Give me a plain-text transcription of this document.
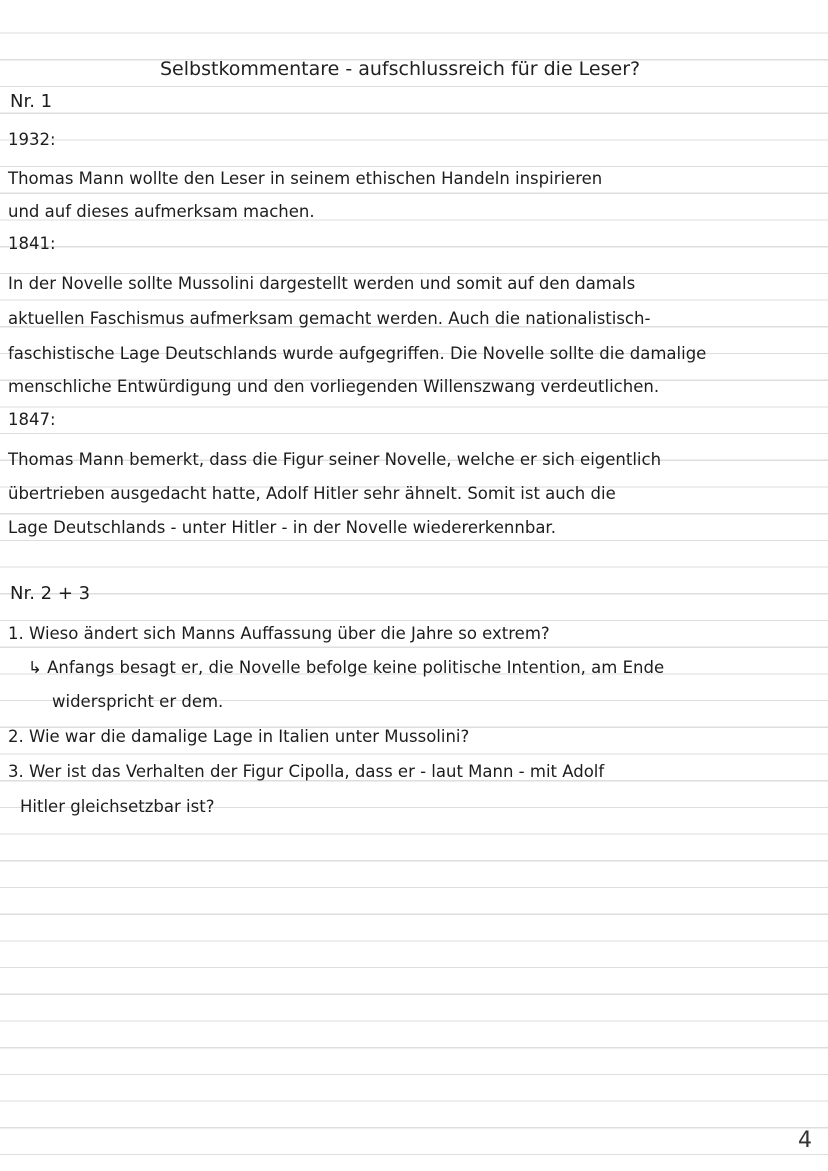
Selbstkommentare - aufschlussreich für die Leser?
Nr. 1
1932:
Thomas Mann wollte den Leser in seinem ethischen Handeln inspirieren
und auf dieses aufmerksam machen.
1841:
In der Novelle sollte Mussolini dargestellt werden und somit auf den damals
aktuellen Faschismus aufmerksam gemacht werden. Auch die nationalistisch-
faschistische Lage Deutschlands wurde aufgegriffen. Die Novelle sollte die damalige
menschliche Entwürdigung und den vorliegenden Willenszwang verdeutlichen.
1847:
Thomas Mann bemerkt, dass die Figur seiner Novelle, welche er sich eigentlich
übertrieben ausgedacht hatte, Adolf Hitler sehr ähnelt. Somit ist auch die
Lage Deutschlands - unter Hitler - in der Novelle wiedererkennbar.
Nr. 2 + 3
1. Wieso ändert sich Manns Auffassung über die Jahre so extrem?
↳ Anfangs besagt er, die Novelle befolge keine politische Intention, am Ende
widerspricht er dem.
2. Wie war die damalige Lage in Italien unter Mussolini?
3. Wer ist das Verhalten der Figur Cipolla, dass er - laut Mann - mit Adolf
Hitler gleichsetzbar ist?
4
